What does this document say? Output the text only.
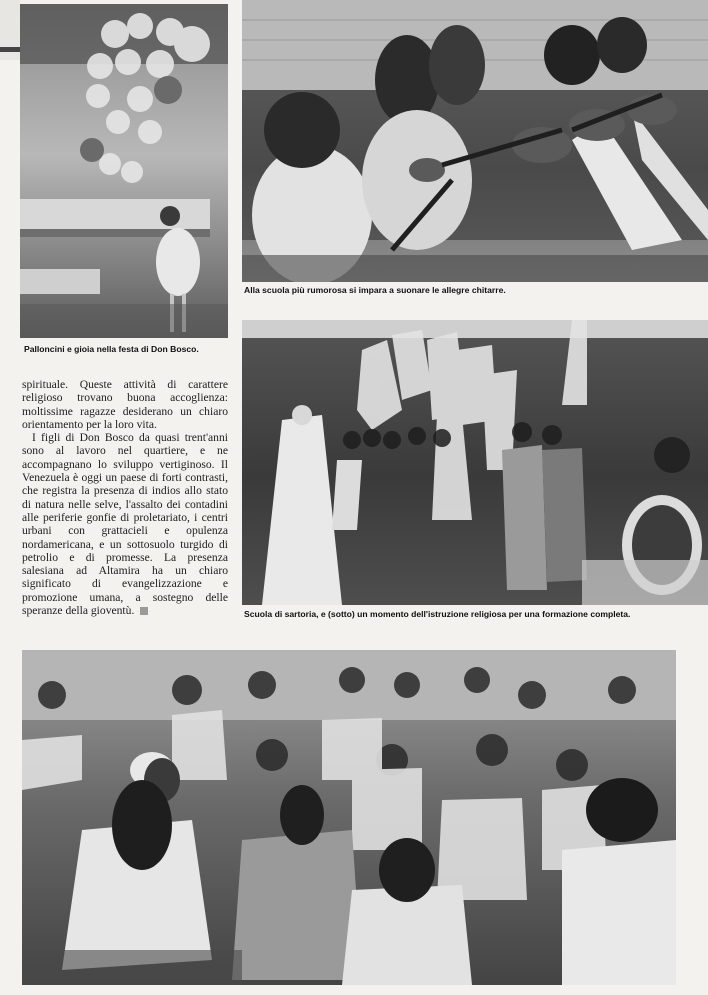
Palloncini e gioia nella festa di Don Bosco.
Alla scuola più rumorosa si impara a suonare le allegre chitarre.
Scuola di sartoria, e (sotto) un momento dell'istruzione religiosa per una formazione completa.

spirituale. Queste attività di carattere religioso trovano buona accoglienza: moltissime ragazze desiderano un chiaro orientamento per la loro vita.

I figli di Don Bosco da quasi trent'anni sono al lavoro nel quartiere, e ne accompagnano lo sviluppo vertiginoso. Il Venezuela è oggi un paese di forti contrasti, che registra la presenza di indios allo stato di natura nelle selve, l'assalto dei contadini alle periferie gonfie di proletariato, i centri urbani con grattacieli e opulenza nordamericana, e un sottosuolo turgido di petrolio e di promesse. La presenza salesiana ad Altamira ha un chiaro significato di evangelizzazione e promozione umana, a sostegno delle speranze della gioventù.
